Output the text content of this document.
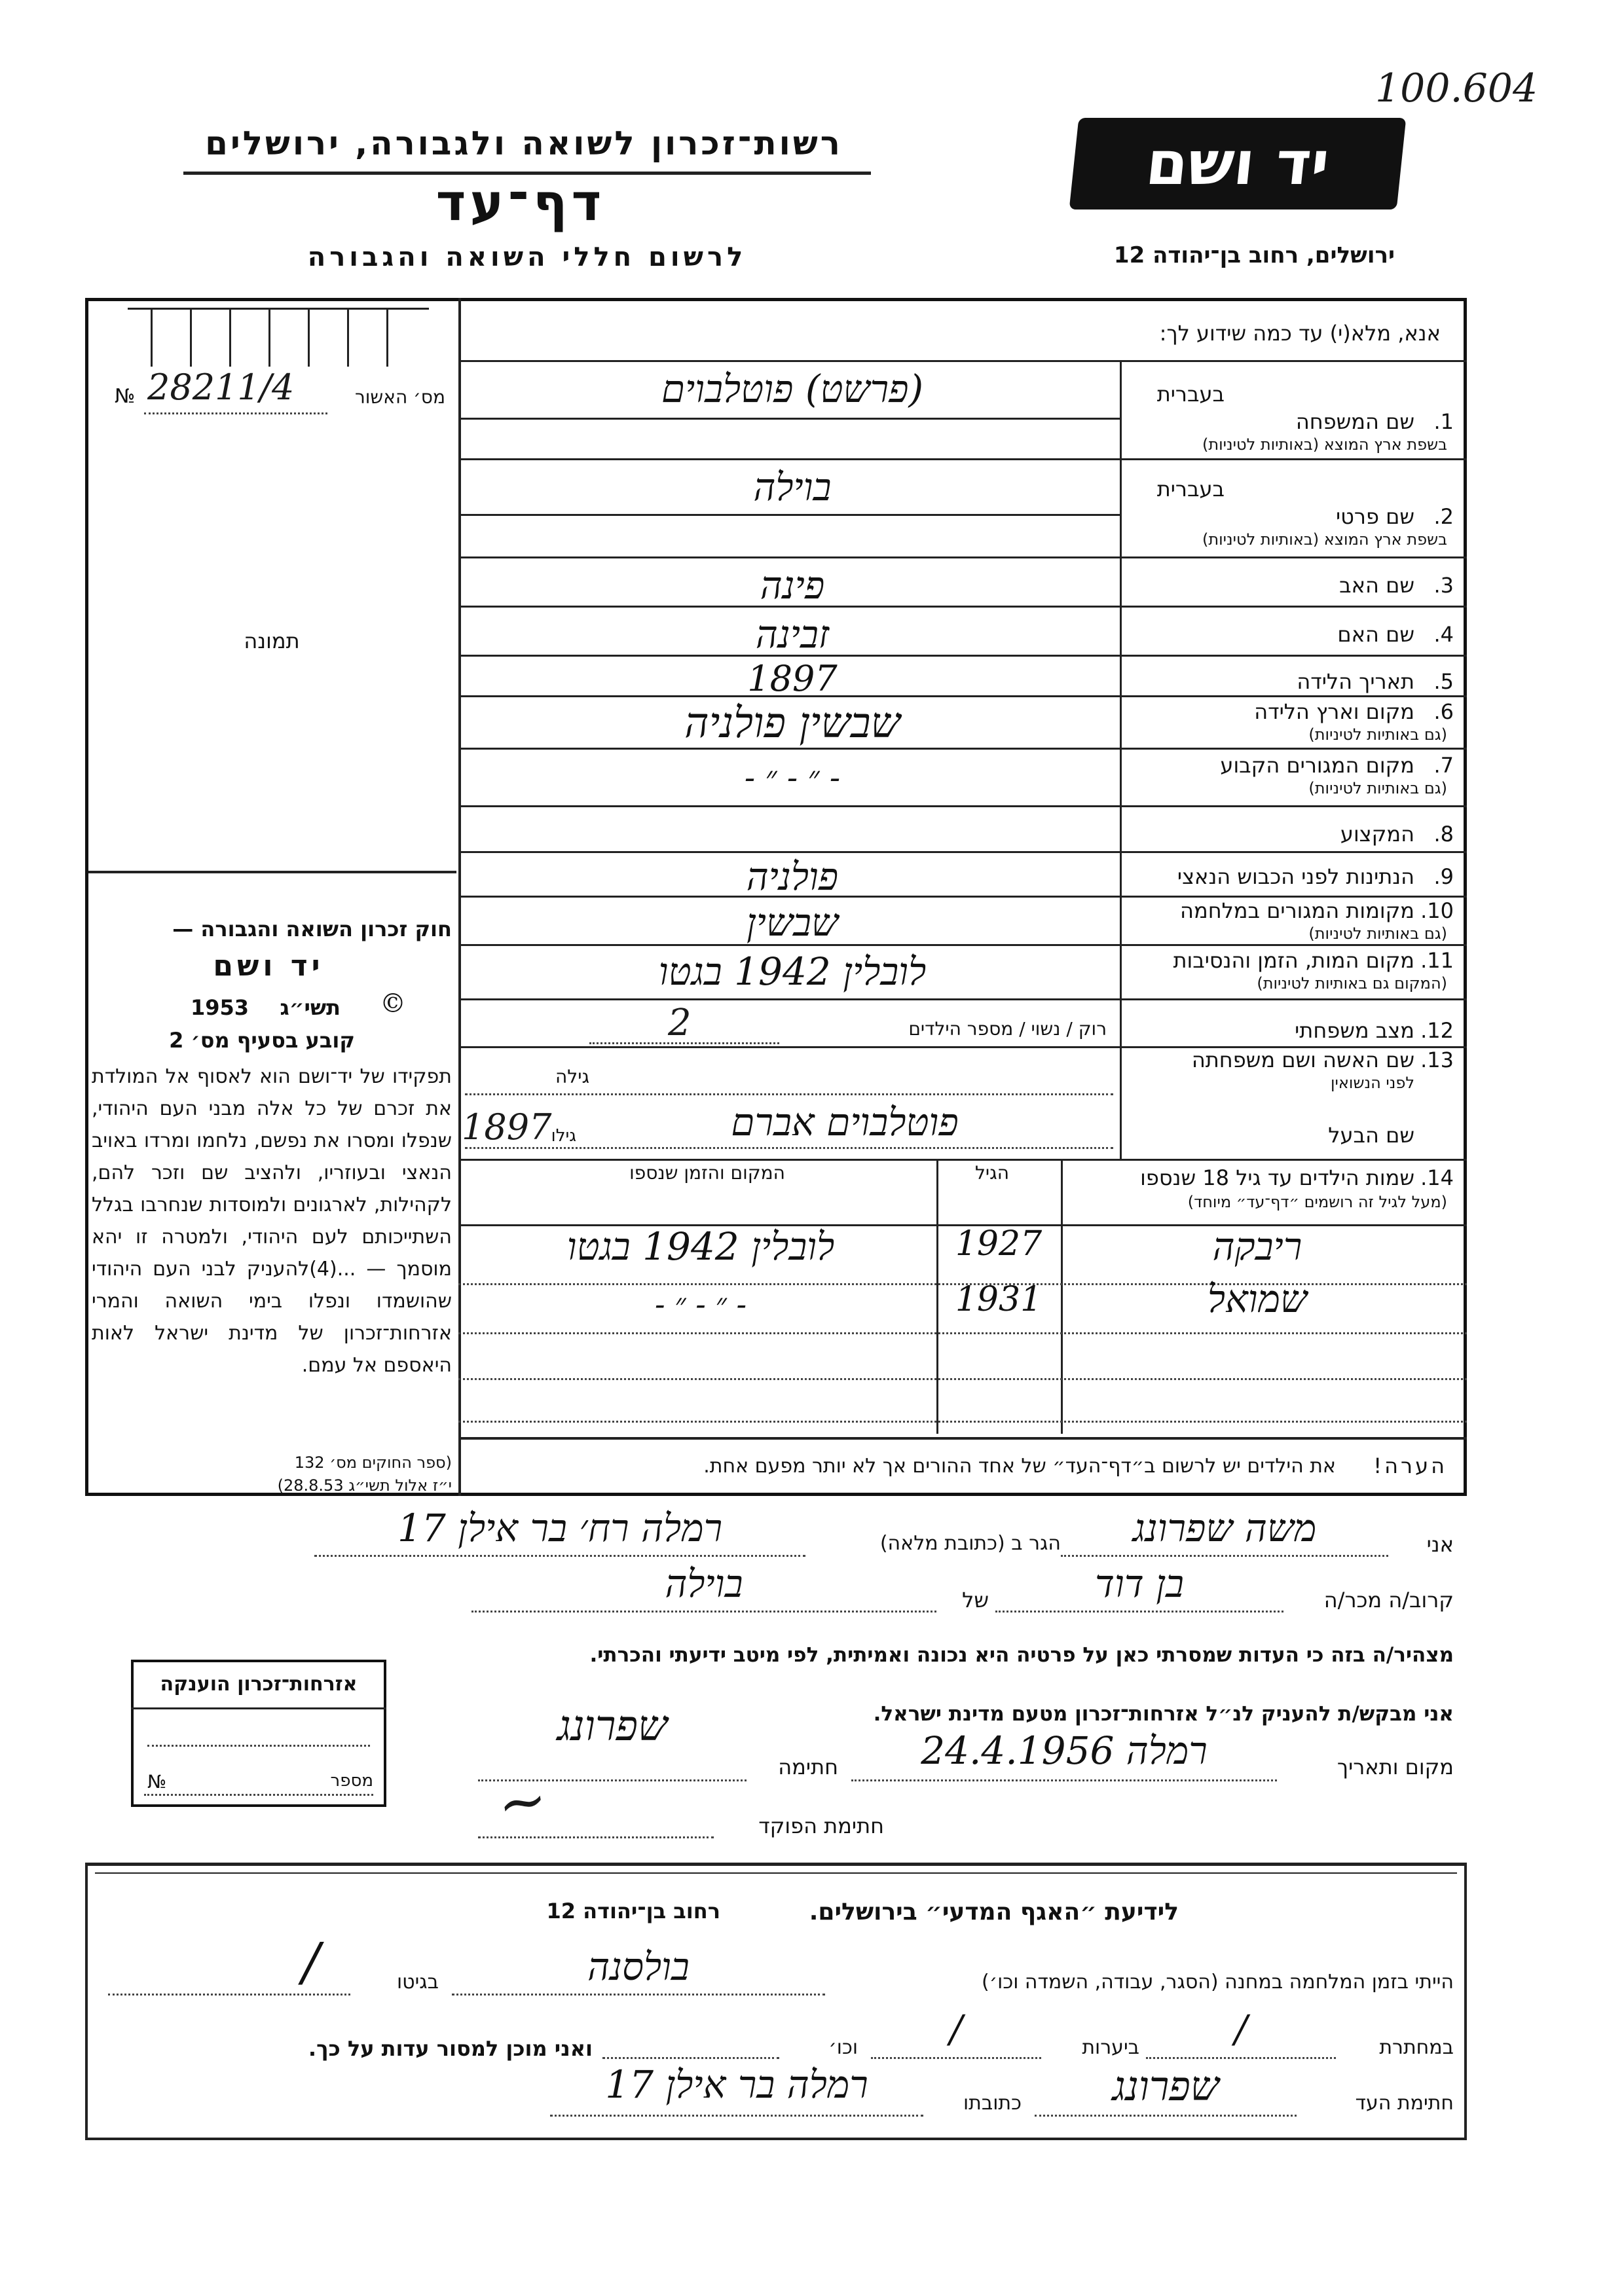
100.604
רשות־זכרון לשואה ולגבורה, ירושלים
דף־עד
לרשום חללי השואה והגבורה
יד ושם
ירושלים, רחוב בן־יהודה 12
אנא, מלא(י) עד כמה שידוע לך:
מס׳ האשור
№ 28211/4
תמונה
חוק זכרון השואה והגבורה —
יד ושם
תשי״ג
1953	©
קובע בסעיף מס׳ 2
תפקידו של יד־ושם הוא לאסוף אל המולדת את זכרם של כל אלה מבני העם היהודי, שנפלו ומסרו את נפשם, נלחמו ומרדו באויב הנאצי ובעוזריו, ולהציב שם וזכר להם, לקהילות, לארגונים ולמוסדות שנחרבו בגלל השתייכותם לעם היהודי, ולמטרה זו יהא מוסמך — ...(4)להעניק לבני העם היהודי שהושמדו ונפלו בימי השואה והמרי אזרחות־זכרון של מדינת ישראל לאות היאספם אל עמם.
(ספר החוקים מס׳ 132
י״ז אלול תשי״ג 28.8.53)
בעברית
1.
שם המשפחה
בשפת ארץ המוצא (באותיות לטיניות)
(פרשט) פוטלבוים
בעברית
2.
שם פרטי
בשפת ארץ המוצא (באותיות לטיניות)
בוילה
3.
שם האב
פינה
4.
שם האם
זבינה
5.
תאריך הלידה
1897
6.
מקום וארץ הלידה
(גם באותיות לטיניות)
שבשין פולניה
7.
מקום המגורים הקבוע
(גם באותיות לטיניות)
- ״ - ״ -
8.
המקצוע
9.
הנתינות לפני הכבוש הנאצי
פולניה
10.
מקומות המגורים במלחמה
(גם באותיות לטיניות)
שבשין
11.
מקום המות, הזמן והנסיבות
(המקום גם באותיות לטיניות)
לובלין 1942 בגטו
12.
מצב משפחתי
רוק / נשוי / מספר הילדים
2
13.
שם האשה ושם משפחתה
לפני הנשואין
גילה
שם הבעל
פוטלבוים אברם
גילו
1897
14.
שמות הילדים עד גיל 18 שנספו
(מעל לגיל זה רושמים ״דף־עד״ מיוחד)
הגיל
המקום והזמן שנספו
ריבקה
1927
לובלין 1942 בגטו
שמואל
1931
- ״ - ״ -
הערה!
את הילדים יש לרשום ב״דף־העד״ של אחד ההורים אך לא יותר מפעם אחת.
אני
משה שפרונג
הגר ב (כתובת מלאה)
רמלה רח׳ בר אילן 17
קרוב/ה מכר/ה
בן דוד
של
בוילה
מצהיר/ה בזה כי העדות שמסרתי כאן על פרטיה היא נכונה ואמיתית, לפי מיטב ידיעתי והכרתי.
אני מבקש/ת להעניק לנ״ל אזרחות־זכרון מטעם מדינת ישראל.
מקום ותאריך
רמלה 24.4.1956
חתימה
שפרונג
חתימת הפוקד
~
אזרחות־זכרון הוענקה
מספר
№
לידיעת ״האגף המדעי״ בירושלים.
רחוב בן־יהודה 12
הייתי בזמן המלחמה במחנה (הסגר, עבודה, השמדה וכו׳)
בולסנה
בגיטו
/
במחתרת
/
ביערות
/
וכו׳
ואני מוכן למסור עדות על כך.
חתימת העד
שפרונג
כתובתו
רמלה בר אילן 17
